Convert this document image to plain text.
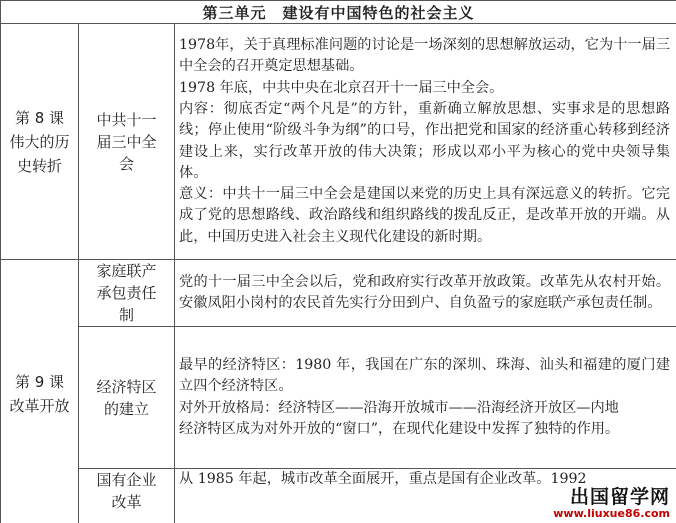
第三单元　建设有中国特色的社会主义		

第 8 课伟大的历史转折	中共十一届三中全会	1978年，关于真理标准问题的讨论是一场深刻的思想解放运动，它为十一届三中全会的召开奠定思想基础。

1978 年底，中共中央在北京召开十一届三中全会。

内容：彻底否定“两个凡是”的方针，重新确立解放思想、实事求是的思想路线；停止使用“阶级斗争为纲”的口号，作出把党和国家的经济重心转移到经济建设上来，实行改革开放的伟大决策；形成以邓小平为核心的党中央领导集体。

意义：中共十一届三中全会是建国以来党的历史上具有深远意义的转折。它完成了党的思想路线、政治路线和组织路线的拨乱反正，是改革开放的开端。从此，中国历史进入社会主义现代化建设的新时期。

第 9 课改革开放	家庭联产承包责任制	党的十一届三中全会以后，党和政府实行改革开放政策。改革先从农村开始。安徽凤阳小岗村的农民首先实行分田到户、自负盈亏的家庭联产承包责任制。

	经济特区的建立	最早的经济特区：1980 年，我国在广东的深圳、珠海、汕头和福建的厦门建立四个经济特区。

对外开放格局：经济特区——沿海开放城市——沿海经济开放区—内地

经济特区成为对外开放的“窗口”，在现代化建设中发挥了独特的作用。

	国有企业改革	从 1985 年起，城市改革全面展开，重点是国有企业改革。1992

出国留学网
www.liuxue86.com
